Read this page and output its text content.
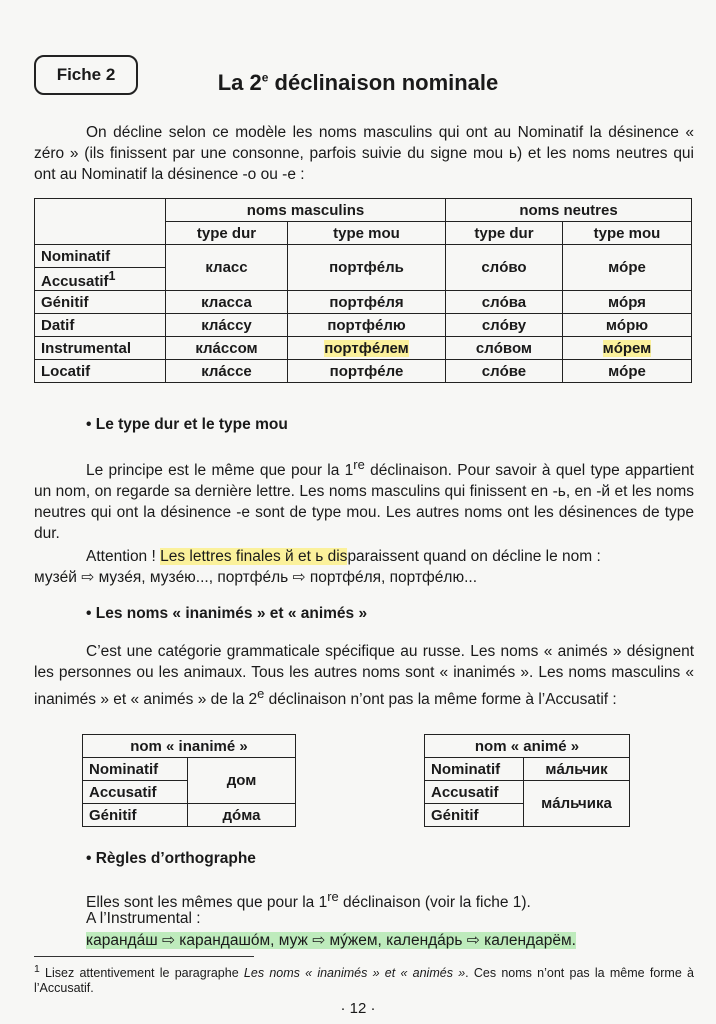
Fiche 2	La 2e déclinaison nominale
On décline selon ce modèle les noms masculins qui ont au Nominatif la désinence « zéro » (ils finissent par une consonne, parfois suivie du signe mou ь) et les noms neutres qui ont au Nominatif la désinence -o ou -e :
	noms masculins		noms neutres	
	type dur	type mou	type dur	type mou
Nominatif	класс	портфéль	слóво	мóре
Accusatif$^1$
Génitif	класса	портфéля	слóва	мóря
Datif	клáссу	портфéлю	слóву	мóрю
Instrumental	клáссом	портфéлем	слóвом	мóрем
Locatif	клáссе	портфéле	слóве	мóре
• Le type dur et le type mou
Le principe est le même que pour la 1re déclinaison. Pour savoir à quel type appartient un nom, on regarde sa dernière lettre. Les noms masculins qui finissent en -ь, en -й et les noms neutres qui ont la désinence -e sont de type mou. Les autres noms ont les désinences de type dur.
Attention ! Les lettres finales й et ь disparaissent quand on décline le nom :
музéй ⇨ музéя, музéю..., портфéль ⇨ портфéля, портфéлю...
• Les noms « inanimés » et « animés »
C’est une catégorie grammaticale spécifique au russe. Les noms « animés » désignent les personnes ou les animaux. Tous les autres noms sont « inanimés ». Les noms masculins « inanimés » et « animés » de la 2e déclinaison n’ont pas la même forme à l’Accusatif :
nom « inanimé »	
Nominatif	дом
Accusatif	
Génitif	дóма
nom « animé »	
Nominatif	мáльчик
Accusatif	мáльчика
Génitif	
• Règles d’orthographe
Elles sont les mêmes que pour la 1re déclinaison (voir la fiche 1).
A l’Instrumental :
карандáш ⇨ карандашóм, муж ⇨ мýжем, календáрь ⇨ календарём.
$^1$ Lisez attentivement le paragraphe Les noms « inanimés » et « animés ». Ces noms n’ont pas la même forme à l’Accusatif.
· 12 ·
